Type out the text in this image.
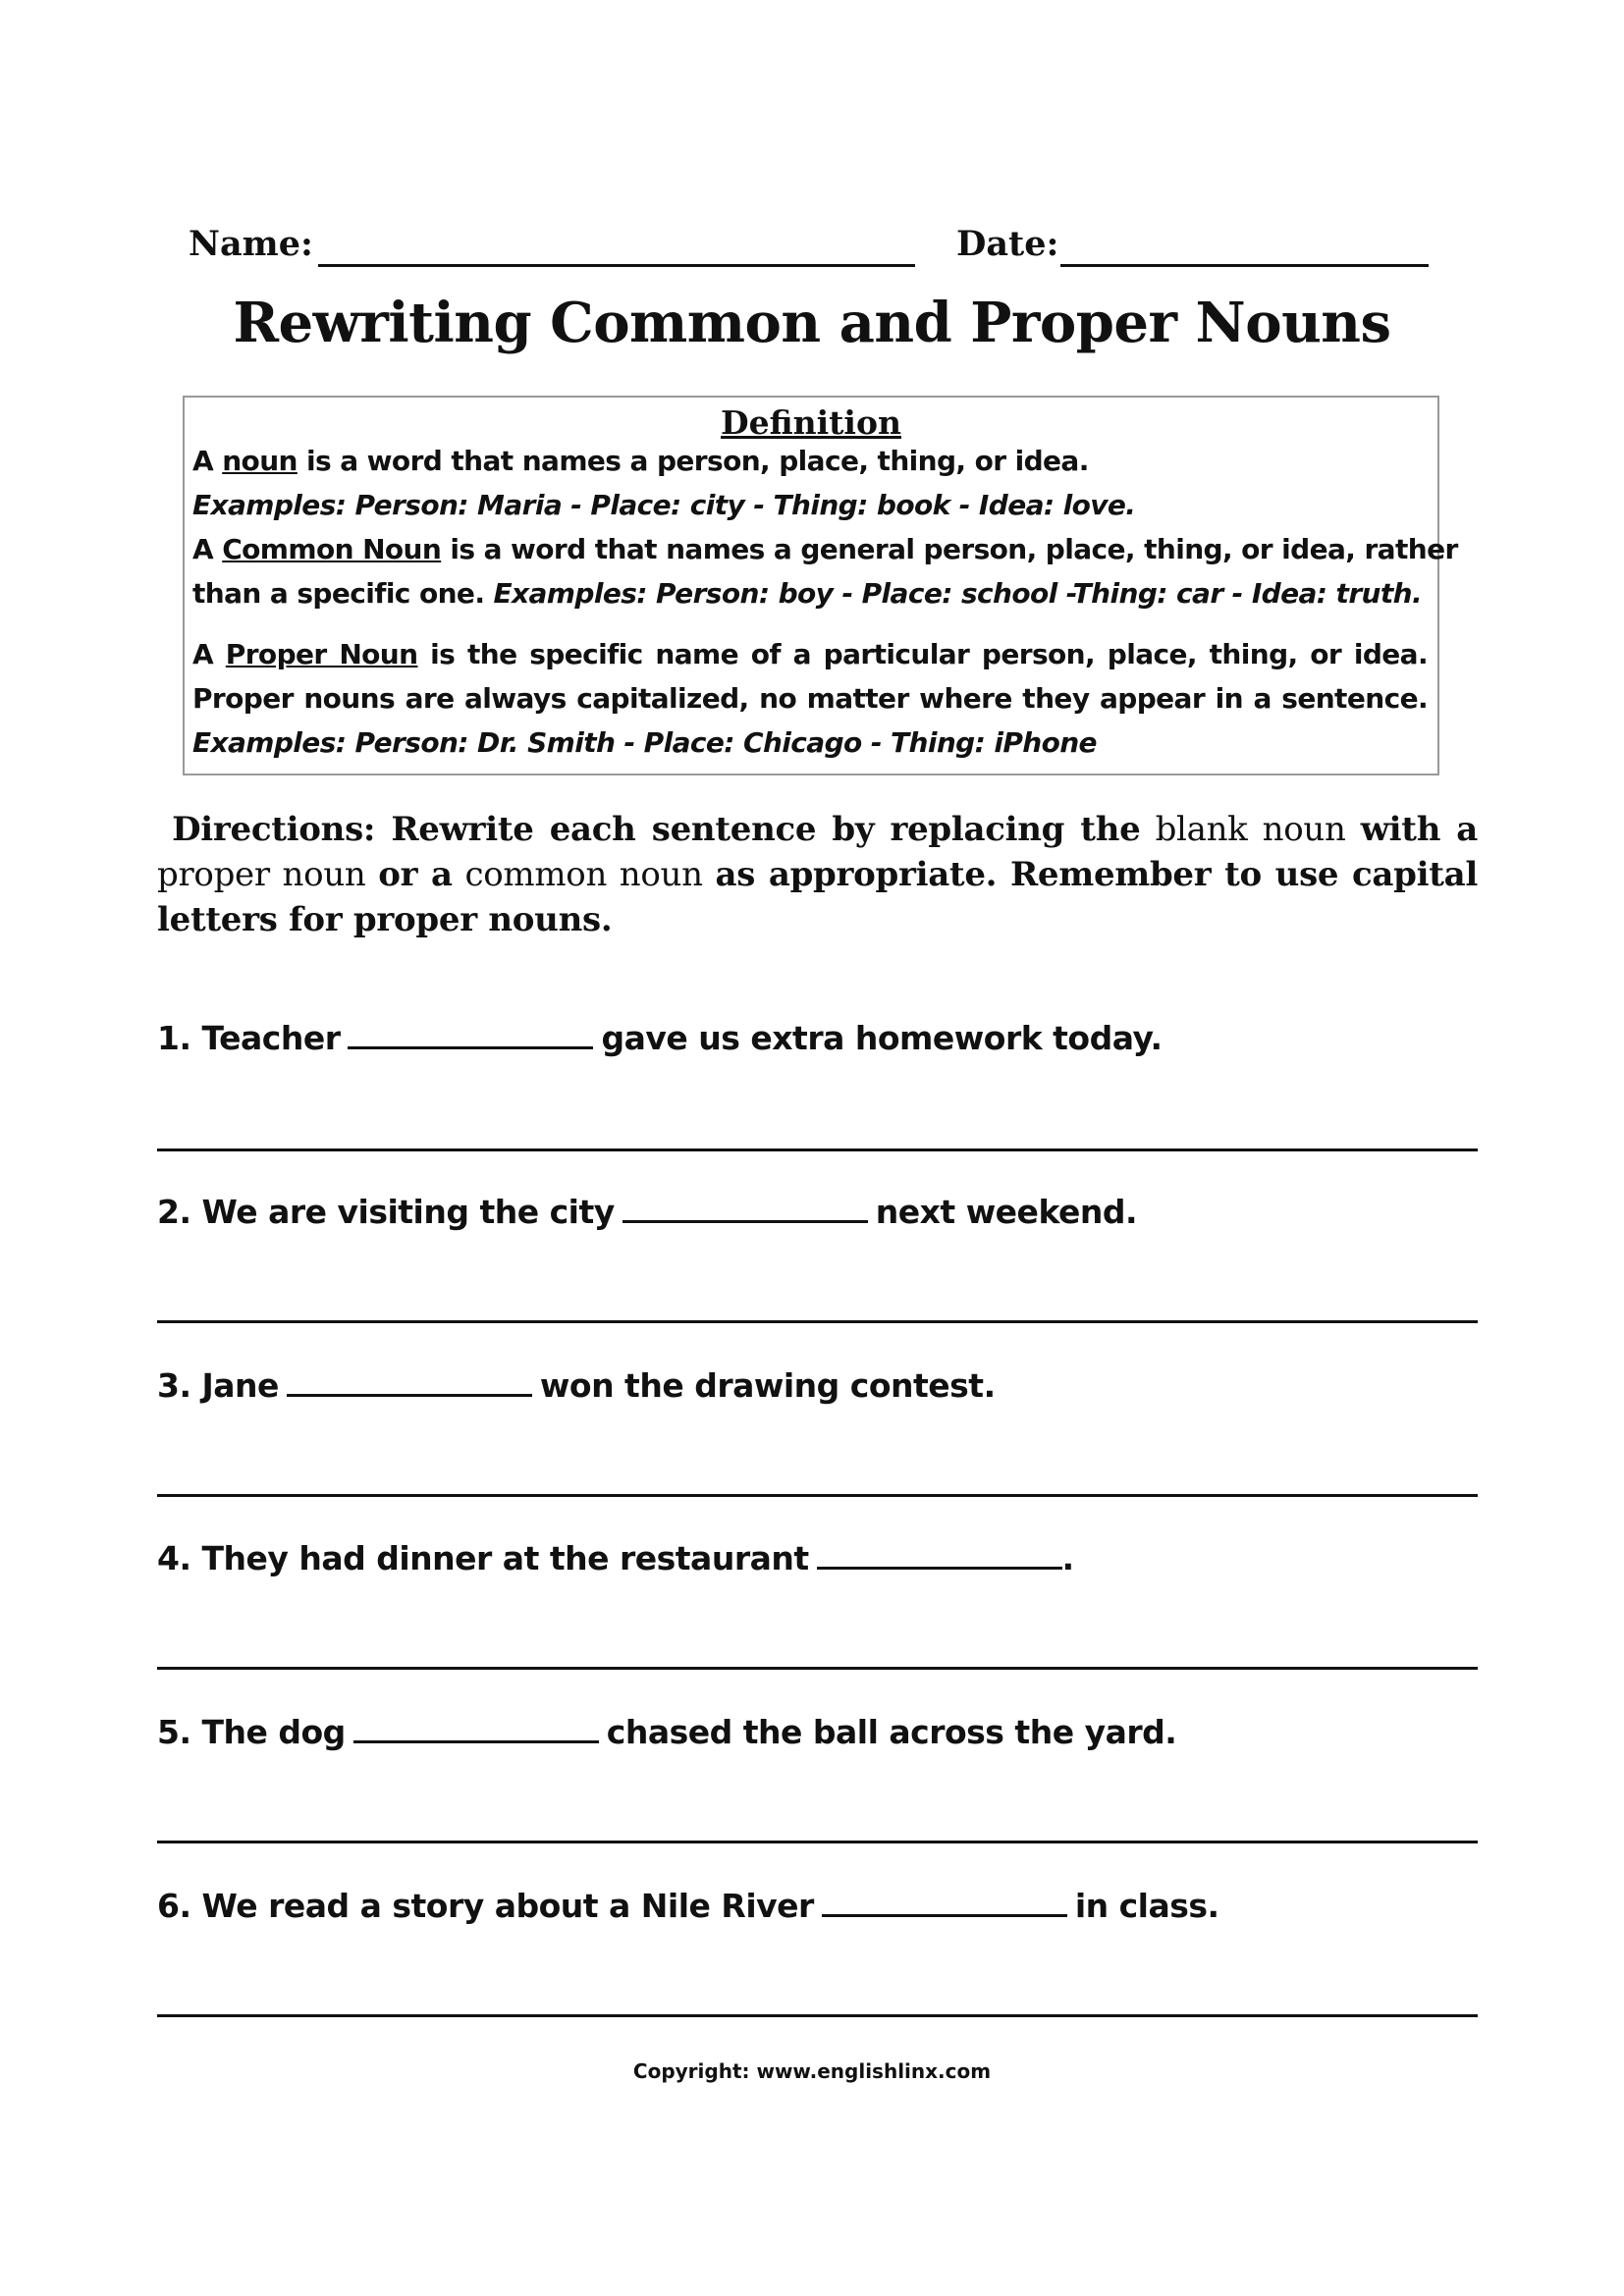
Name:	Date:
Rewriting Common and Proper Nouns
Definition
A noun is a word that names a person, place, thing, or idea.
Examples: Person: Maria - Place: city - Thing: book - Idea: love.
A Common Noun is a word that names a general person, place, thing, or idea, rather
than a specific one. Examples: Person: boy - Place: school -Thing: car - Idea: truth.
A Proper Noun is the specific name of a particular person, place, thing, or idea.
Proper nouns are always capitalized, no matter where they appear in a sentence.
Examples: Person: Dr. Smith - Place: Chicago - Thing: iPhone
Directions: Rewrite each sentence by replacing the blank noun with a proper noun or a common noun as appropriate. Remember to use capital letters for proper nouns.
1. Teacher	gave us extra homework today.
2. We are visiting the city	next weekend.
3. Jane	won the drawing contest.
4. They had dinner at the restaurant	.
5. The dog	chased the ball across the yard.
6. We read a story about a Nile River	in class.
Copyright: www.englishlinx.com
